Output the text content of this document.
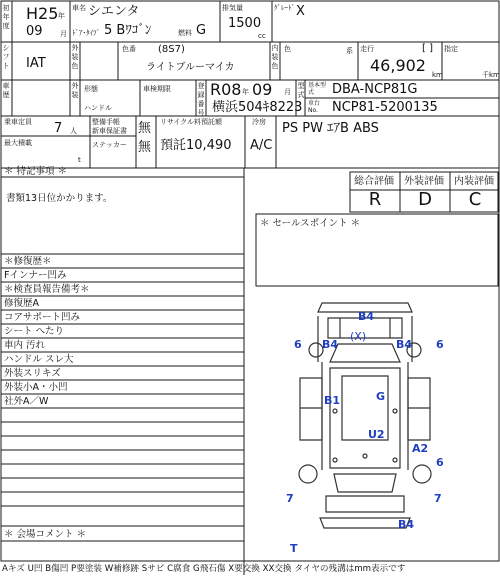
初年度
H25 年
09 月
車名 シエンタ
ﾄﾞｱ･ﾀｲﾌﾟ 5 Bﾜｺﾞﾝ	燃料 G
排気量
1500
cc
ｸﾞﾚｰﾄﾞ X
シフト IAT
外装色
色番 (8S7)
ライトブルーマイカ
内装色
色	系 走行	[ ]
46,902 km
指定
千km
車歴
外装
形態
ハンドル
車検期限	登録番号
R08 年 09 月
横浜504ｷ8223
型式
基本型式	DBA-NCP81G
車台No.	NCP81-5200135
乗車定員 7 人
最大積載
t
整備手帳
新車保証書 無
ステッカー 無
リサイクル料預託額
預託10,490
冷房
A/C
PS PW ｴｱB ABS
＊ 特記事項 ＊
書類13日位かかります。
＊修復歴＊
Fインナー凹み
＊検査員報告備考＊
修復歴A
コアサポート凹み
シート へたり
車内 汚れ
ハンドル スレ大
外装スリキズ
外装小A・小凹
社外A／W
＊ 会場コメント ＊
総合評価
R
外装評価
D
内装評価
C
＊ セールスポイント ＊
B4
6 B4
(X)
B4 6
B1	G
U2
A2
6
7	7
B4
T
Aキズ U凹 B傷凹 P要塗装 W補修跡 Sサビ C腐食 G飛石傷 X要交換 XX交換 タイヤの残溝はmm表示です
